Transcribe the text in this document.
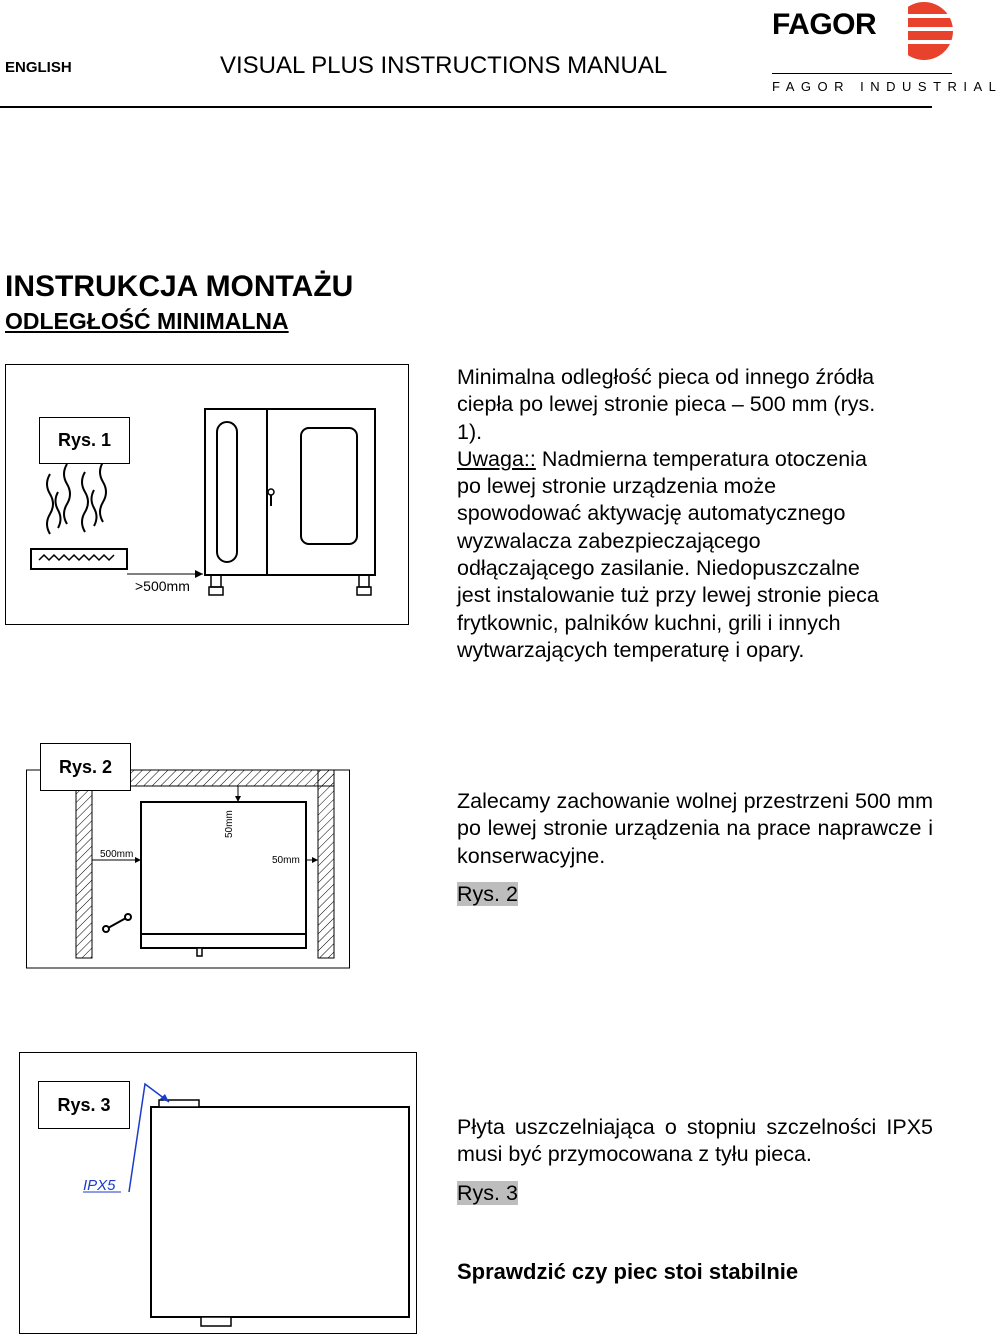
ENGLISH	VISUAL PLUS INSTRUCTIONS MANUAL
FAGOR
FAGOR INDUSTRIAL
INSTRUKCJA MONTAŻU
ODLEGŁOŚĆ MINIMALNA
>500mm
Rys. 1
Minimalna odległość pieca od innego źródła
ciepła po lewej stronie pieca – 500 mm (rys.
1).
Uwaga:: Nadmierna temperatura otoczenia
po lewej stronie urządzenia może
spowodować aktywację automatycznego
wyzwalacza zabezpieczającego
odłączającego zasilanie. Niedopuszczalne
jest instalowanie tuż przy lewej stronie pieca
frytkownic, palników kuchni, grili i innych
wytwarzających temperaturę i opary.
500mm
50mm
50mm
Rys. 2
Zalecamy zachowanie wolnej przestrzeni 500 mm po lewej stronie urządzenia na prace naprawcze i konserwacyjne.
Rys. 2
IPX5
Rys. 3
Płyta uszczelniająca o stopniu szczelności IPX5 musi być przymocowana z tyłu pieca.
Rys. 3
Sprawdzić czy piec stoi stabilnie
